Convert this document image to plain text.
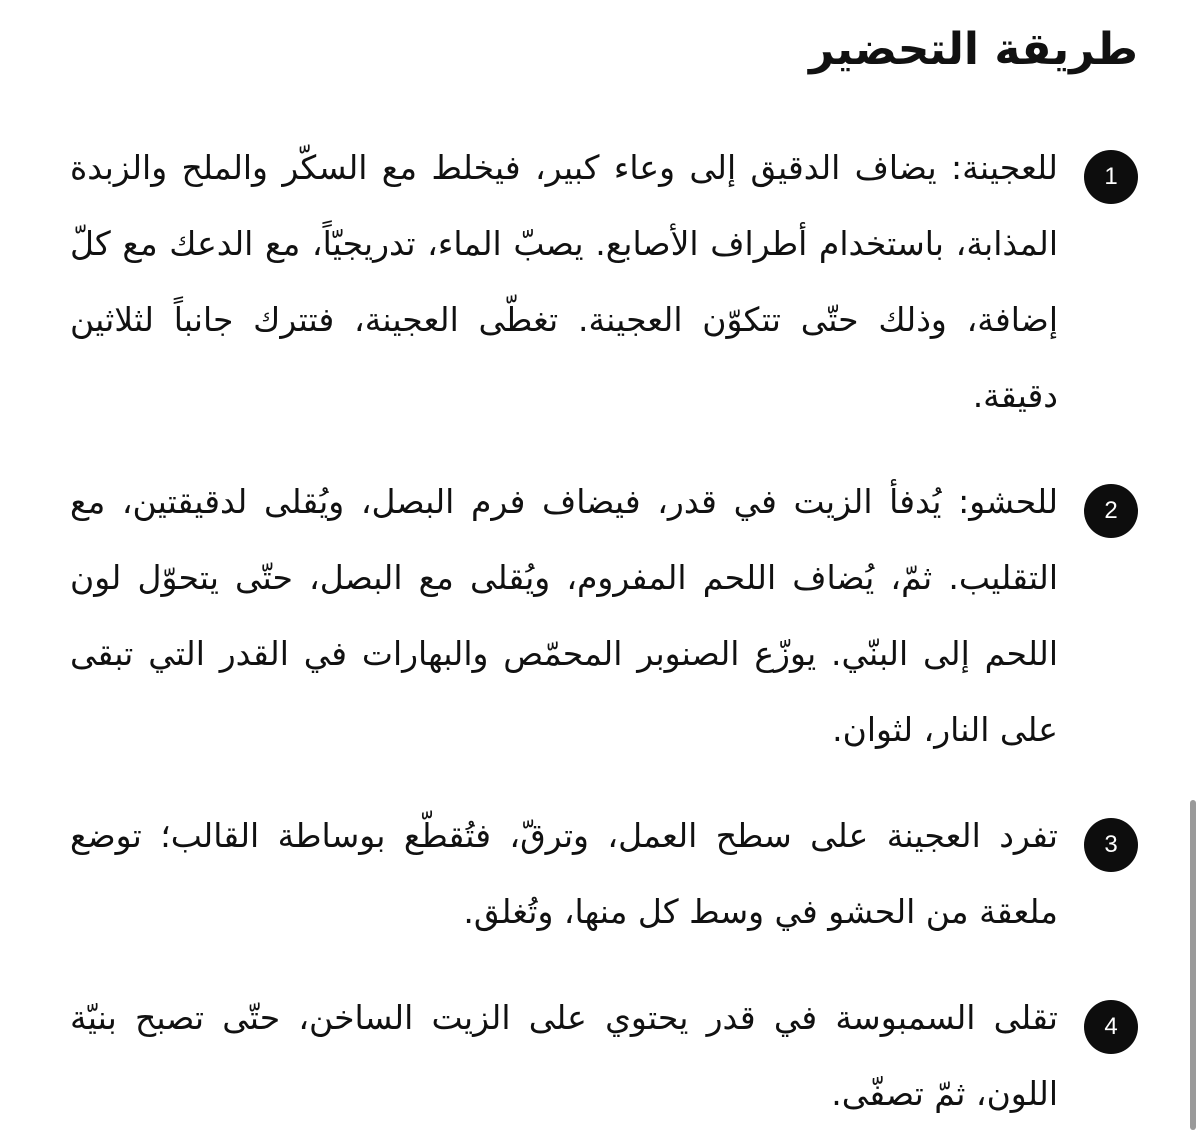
طريقة التحضير
1

للعجينة: يضاف الدقيق إلى وعاء كبير، فيخلط مع السكّر والملح والزبدة المذابة، باستخدام أطراف الأصابع. يصبّ الماء، تدريجيّاً، مع الدعك مع كلّ إضافة، وذلك حتّى تتكوّن العجينة. تغطّى العجينة، فتترك جانباً لثلاثين دقيقة.

2

للحشو: يُدفأ الزيت في قدر، فيضاف فرم البصل، ويُقلى لدقيقتين، مع التقليب. ثمّ، يُضاف اللحم المفروم، ويُقلى مع البصل، حتّى يتحوّل لون اللحم إلى البنّي. يوزّع الصنوبر المحمّص والبهارات في القدر التي تبقى على النار، لثوان.

3

تفرد العجينة على سطح العمل، وترقّ، فتُقطّع بوساطة القالب؛ توضع ملعقة من الحشو في وسط كل منها، وتُغلق.

4

تقلى السمبوسة في قدر يحتوي على الزيت الساخن، حتّى تصبح بنيّة اللون، ثمّ تصفّى.
